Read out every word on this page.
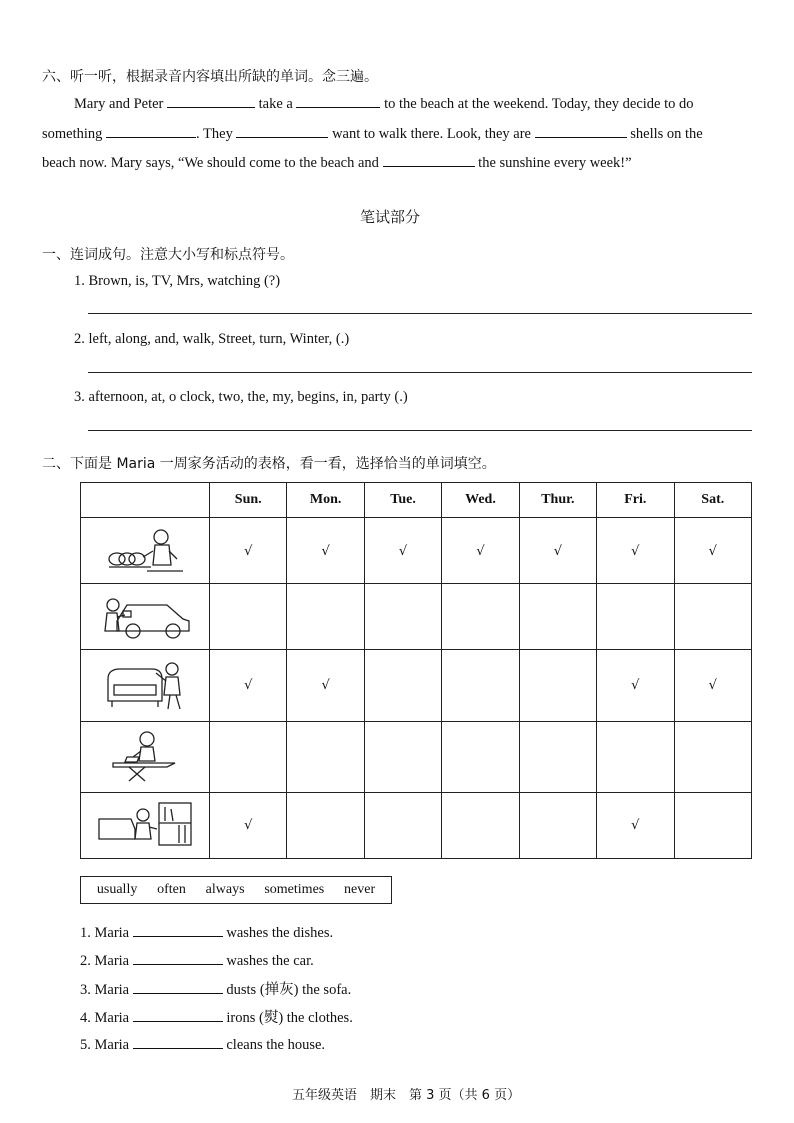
六、听一听，根据录音内容填出所缺的单词。念三遍。
Mary and Peter	take a	to the beach at the weekend. Today, they decide to do
something	. They	want to walk there. Look, they are	shells on the
beach now. Mary says, “We should come to the beach and	the sunshine every week!”
笔试部分
一、连词成句。注意大小写和标点符号。
1. Brown, is, TV, Mrs, watching (?)
2. left, along, and, walk, Street, turn, Winter, (.)
3. afternoon, at, o clock, two, the, my, begins, in, party (.)
二、下面是 Maria 一周家务活动的表格，看一看，选择恰当的单词填空。
	Sun.	Mon.	Tue.	Wed.	Thur.	Fri.	Sat.

	√	√	√	√	√	√	√

	√	√				√	√

	√					√	
usually often always sometimes never
1. Maria	washes the dishes.
2. Maria	washes the car.
3. Maria	dusts (掸灰) the sofa.
4. Maria	irons (熨) the clothes.
5. Maria	cleans the house.
五年级英语　期末　第 3 页（共 6 页）
